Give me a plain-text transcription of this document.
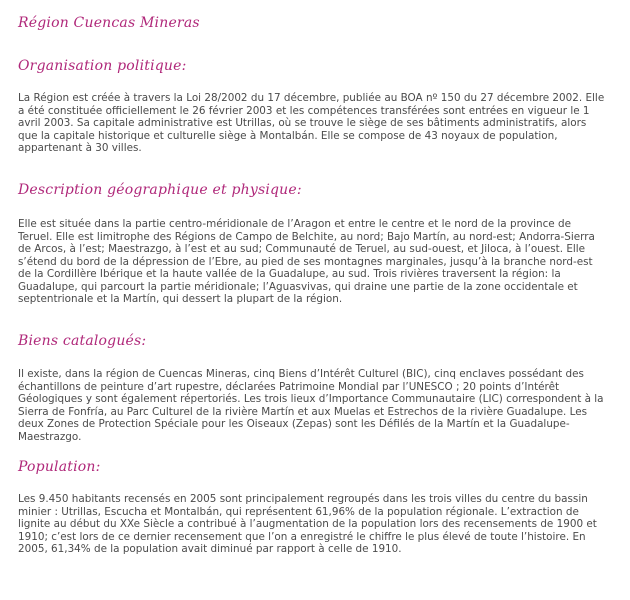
Région Cuencas Mineras
Organisation politique:

La Région est créée à travers la Loi 28/2002 du 17 décembre, publiée au BOA nº 150 du 27 décembre 2002. Elle a été constituée officiellement le 26 février 2003 et les compétences transférées sont entrées en vigueur le 1 avril 2003. Sa capitale administrative est Utrillas, où se trouve le siège de ses bâtiments administratifs, alors que la capitale historique et culturelle siège à Montalbán. Elle se compose de 43 noyaux de population, appartenant à 30 villes.

Description géographique et physique:

Elle est située dans la partie centro-méridionale de l’Aragon et entre le centre et le nord de la province de Teruel. Elle est limitrophe des Régions de Campo de Belchite, au nord; Bajo Martín, au nord-est; Andorra-Sierra de Arcos, à l’est; Maestrazgo, à l’est et au sud; Communauté de Teruel, au sud-ouest, et Jiloca, à l’ouest. Elle s’étend du bord de la dépression de l’Ebre, au pied de ses montagnes marginales, jusqu’à la branche nord-est de la Cordillère Ibérique et la haute vallée de la Guadalupe, au sud. Trois rivières traversent la région: la Guadalupe, qui parcourt la partie méridionale; l’Aguasvivas, qui draine une partie de la zone occidentale et septentrionale et la Martín, qui dessert la plupart de la région.

Biens catalogués:

Il existe, dans la région de Cuencas Mineras, cinq Biens d’Intérêt Culturel (BIC), cinq enclaves possédant des échantillons de peinture d’art rupestre, déclarées Patrimoine Mondial par l’UNESCO ; 20 points d’Intérêt Géologiques y sont également répertoriés. Les trois lieux d’Importance Communautaire (LIC) correspondent à la Sierra de Fonfría, au Parc Culturel de la rivière Martín et aux Muelas et Estrechos de la rivière Guadalupe. Les deux Zones de Protection Spéciale pour les Oiseaux (Zepas) sont les Défilés de la Martín et la Guadalupe-Maestrazgo.

Population:

Les 9.450 habitants recensés en 2005 sont principalement regroupés dans les trois villes du centre du bassin minier : Utrillas, Escucha et Montalbán, qui représentent 61,96% de la population régionale. L’extraction de lignite au début du XXe Siècle a contribué à l’augmentation de la population lors des recensements de 1900 et 1910; c’est lors de ce dernier recensement que l’on a enregistré le chiffre le plus élevé de toute l’histoire. En 2005, 61,34% de la population avait diminué par rapport à celle de 1910.
